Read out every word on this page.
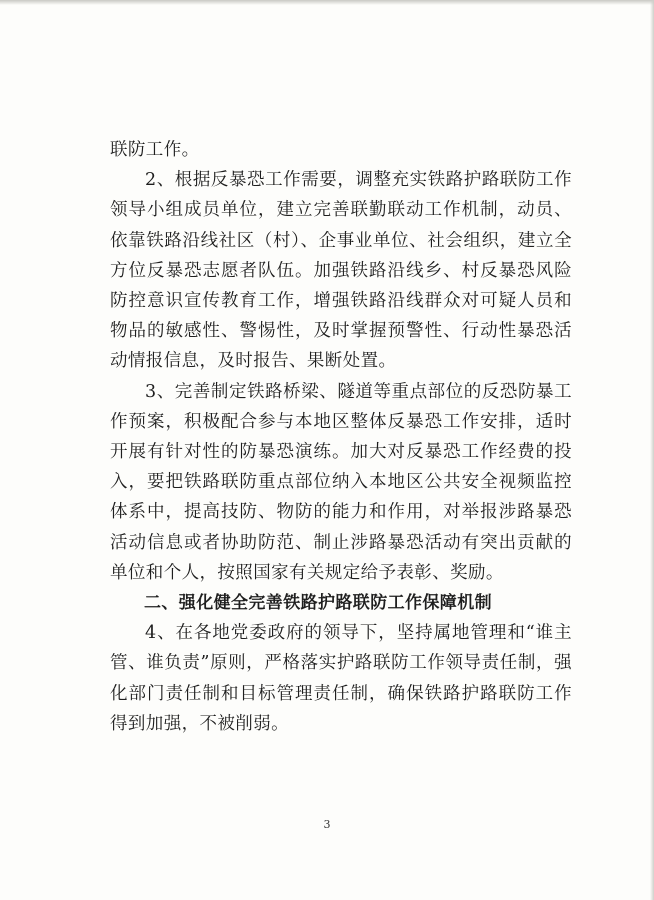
联防工作。

2、根据反暴恐工作需要，调整充实铁路护路联防工作领导小组成员单位，建立完善联勤联动工作机制，动员、依靠铁路沿线社区（村）、企事业单位、社会组织，建立全方位反暴恐志愿者队伍。加强铁路沿线乡、村反暴恐风险防控意识宣传教育工作，增强铁路沿线群众对可疑人员和物品的敏感性、警惕性，及时掌握预警性、行动性暴恐活动情报信息，及时报告、果断处置。

3、完善制定铁路桥梁、隧道等重点部位的反恐防暴工作预案，积极配合参与本地区整体反暴恐工作安排，适时开展有针对性的防暴恐演练。加大对反暴恐工作经费的投入，要把铁路联防重点部位纳入本地区公共安全视频监控体系中，提高技防、物防的能力和作用，对举报涉路暴恐活动信息或者协助防范、制止涉路暴恐活动有突出贡献的单位和个人，按照国家有关规定给予表彰、奖励。

二、强化健全完善铁路护路联防工作保障机制

4、在各地党委政府的领导下，坚持属地管理和“谁主管、谁负责”原则，严格落实护路联防工作领导责任制，强化部门责任制和目标管理责任制，确保铁路护路联防工作得到加强，不被削弱。

3
